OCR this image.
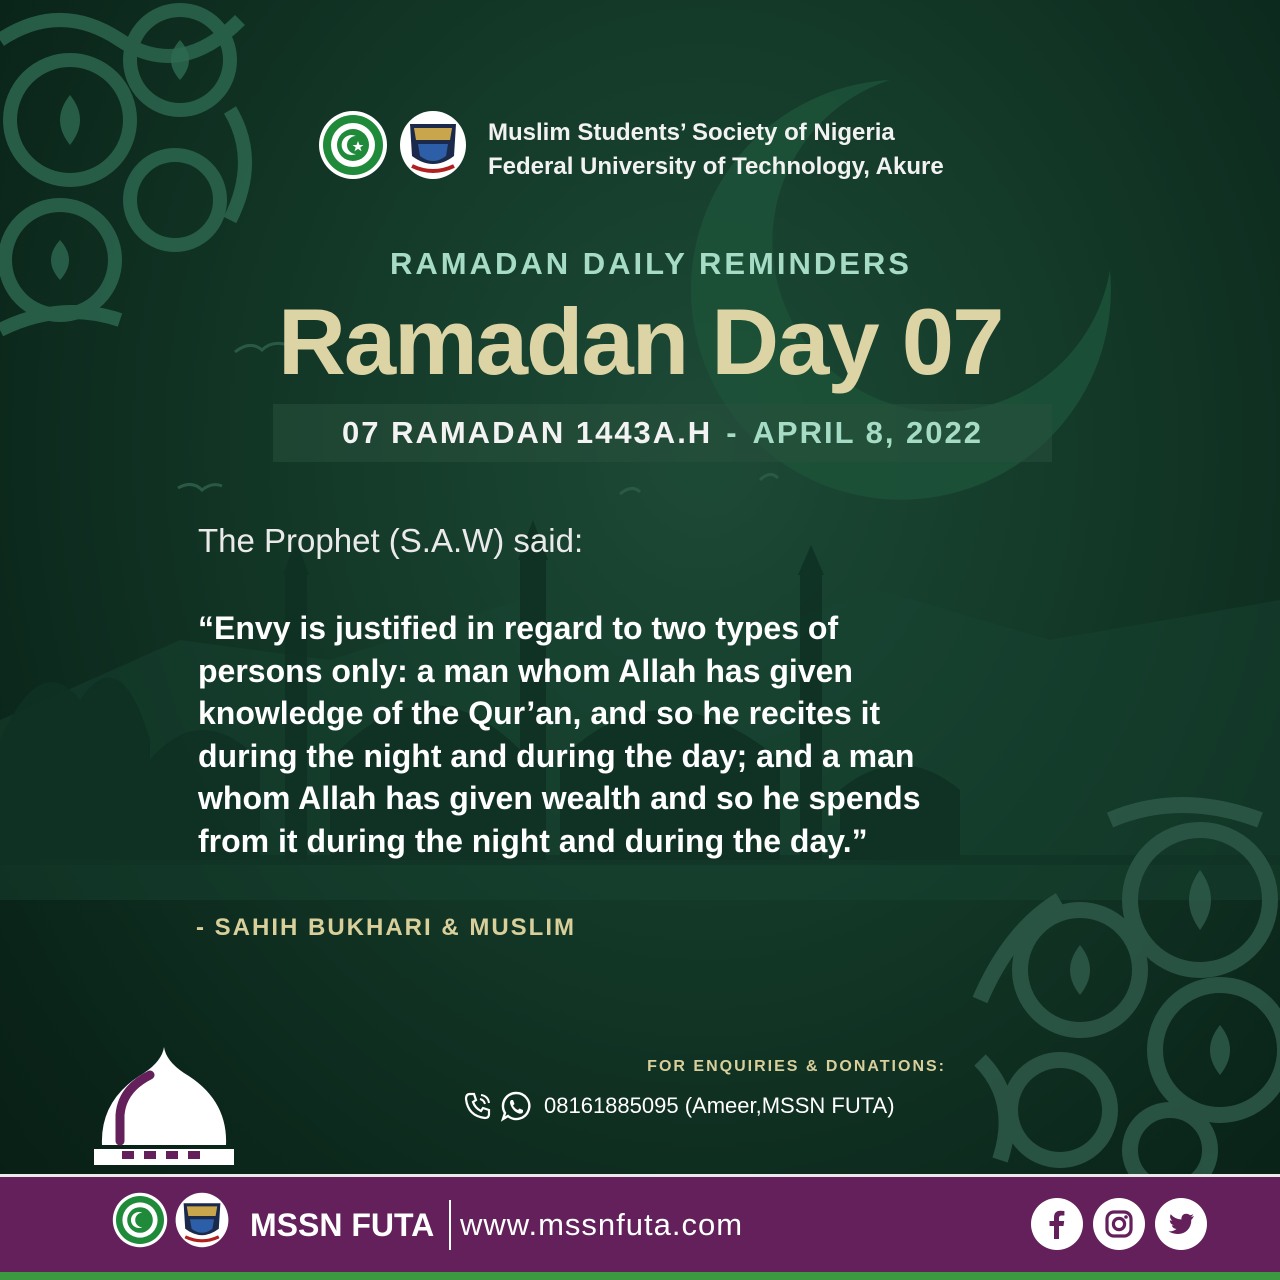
Muslim Students’ Society of Nigeria
Federal University of Technology, Akure
RAMADAN DAILY REMINDERS
Ramadan Day 07
07 RAMADAN 1443A.H - APRIL 8, 2022
The Prophet (S.A.W) said:
“Envy is justified in regard to two types of
persons only: a man whom Allah has given
knowledge of the Qur’an, and so he recites it
during the night and during the day; and a man
whom Allah has given wealth and so he spends
from it during the night and during the day.”
- SAHIH BUKHARI & MUSLIM
FOR ENQUIRIES & DONATIONS:
08161885095 (Ameer,MSSN FUTA)
MSSN FUTA www.mssnfuta.com
